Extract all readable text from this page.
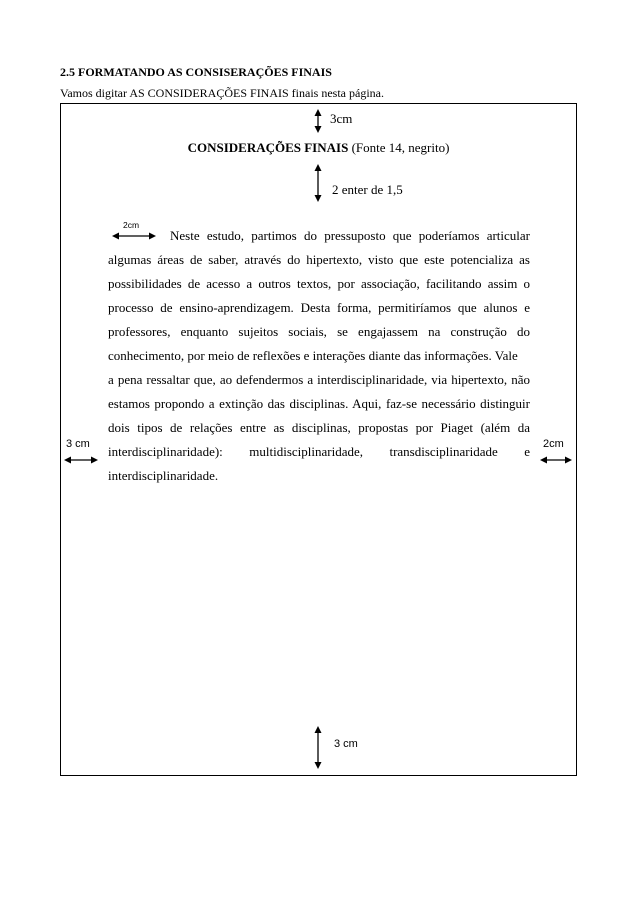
2.5 FORMATANDO AS CONSISERAÇÕES FINAIS
Vamos digitar AS CONSIDERAÇÕES FINAIS finais nesta página.
3cm
CONSIDERAÇÕES FINAIS (Fonte 14, negrito)
2 enter de 1,5
2cm
Neste estudo, partimos do pressuposto que poderíamos articular
algumas áreas de saber, através do hipertexto, visto que este potencializa as
possibilidades de acesso a outros textos, por associação, facilitando assim o
processo de ensino-aprendizagem. Desta forma, permitiríamos que alunos e
professores, enquanto sujeitos sociais, se engajassem na construção do
conhecimento, por meio de reflexões e interações diante das informações. Vale
a pena ressaltar que, ao defendermos a interdisciplinaridade, via hipertexto, não
estamos propondo a extinção das disciplinas. Aqui, faz-se necessário distinguir
dois tipos de relações entre as disciplinas, propostas por Piaget (além da
interdisciplinaridade): multidisciplinaridade, transdisciplinaridade e
interdisciplinaridade.
3 cm	2cm
3 cm
